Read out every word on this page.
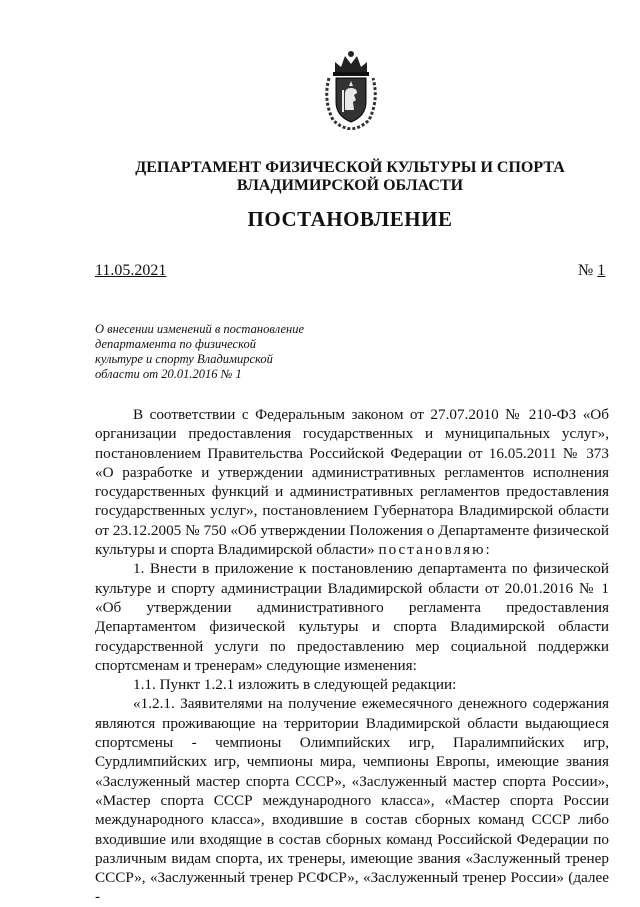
ДЕПАРТАМЕНТ ФИЗИЧЕСКОЙ КУЛЬТУРЫ И СПОРТА
ВЛАДИМИРСКОЙ ОБЛАСТИ
ПОСТАНОВЛЕНИЕ
11.05.2021	№ 1
О внесении изменений в постановление
департамента по физической
культуре и спорту Владимирской
области от 20.01.2016 № 1

В соответствии с Федеральным законом от 27.07.2010 № 210-ФЗ «Об организации предоставления государственных и муниципальных услуг», постановлением Правительства Российской Федерации от 16.05.2011 № 373 «О разработке и утверждении административных регламентов исполнения государственных функций и административных регламентов предоставления государственных услуг», постановлением Губернатора Владимирской области от 23.12.2005 № 750 «Об утверждении Положения о Департаменте физической культуры и спорта Владимирской области» постановляю:

1. Внести в приложение к постановлению департамента по физической культуре и спорту администрации Владимирской области от 20.01.2016 № 1 «Об утверждении административного регламента предоставления Департаментом физической культуры и спорта Владимирской области государственной услуги по предоставлению мер социальной поддержки спортсменам и тренерам» следующие изменения:

1.1. Пункт 1.2.1 изложить в следующей редакции:

«1.2.1. Заявителями на получение ежемесячного денежного содержания являются проживающие на территории Владимирской области выдающиеся спортсмены - чемпионы Олимпийских игр, Паралимпийских игр, Сурдлимпийских игр, чемпионы мира, чемпионы Европы, имеющие звания «Заслуженный мастер спорта СССР», «Заслуженный мастер спорта России», «Мастер спорта СССР международного класса», «Мастер спорта России международного класса», входившие в состав сборных команд СССР либо входившие или входящие в состав сборных команд Российской Федерации по различным видам спорта, их тренеры, имеющие звания «Заслуженный тренер СССР», «Заслуженный тренер РСФСР», «Заслуженный тренер России» (далее -
